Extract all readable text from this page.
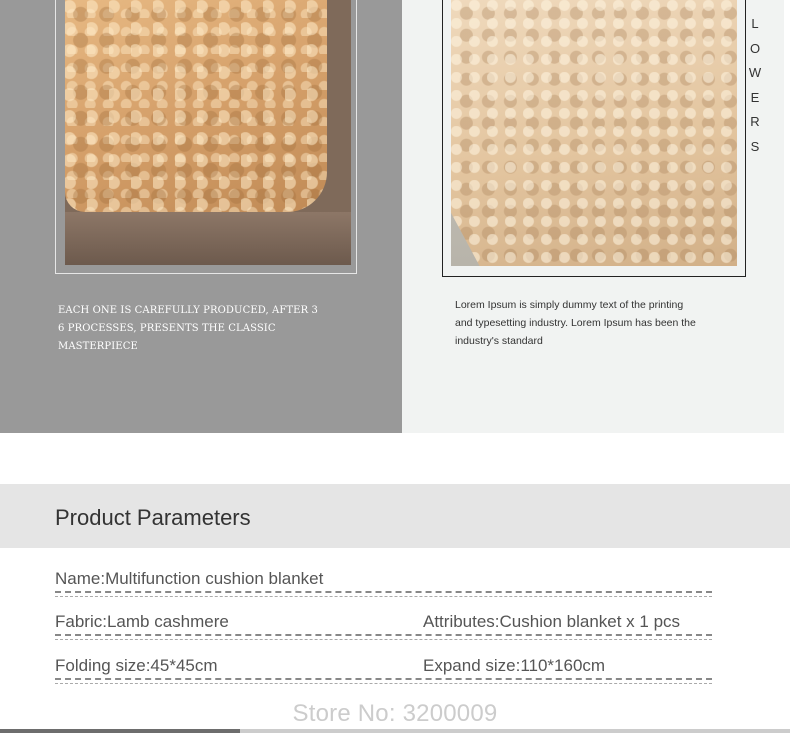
L
O
W
E
R
S
EACH ONE IS CAREFULLY PRODUCED, AFTER 3
6 PROCESSES, PRESENTS THE CLASSIC MASTERPIECE
Lorem Ipsum is simply dummy text of the printing
and typesetting industry. Lorem Ipsum has been the
industry's standard
Product Parameters
Name:Multifunction cushion blanket
Fabric:Lamb cashmere	Attributes:Cushion blanket x 1 pcs
Folding size:45*45cm	Expand size:110*160cm
Store No: 3200009
